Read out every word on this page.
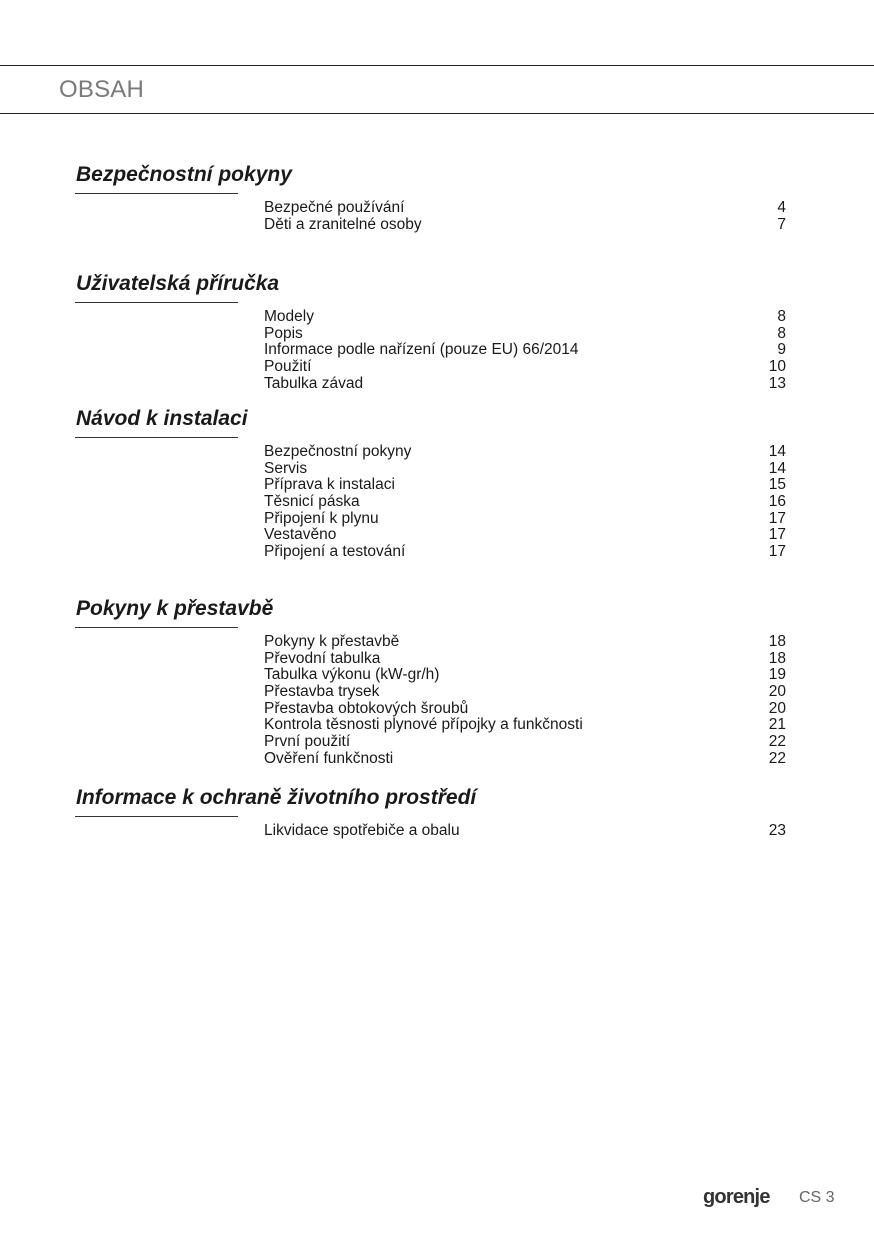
OBSAH
Bezpečnostní pokyny
Bezpečné používání	4
Děti a zranitelné osoby	7
Uživatelská příručka
Modely	8
Popis	8
Informace podle nařízení (pouze EU) 66/2014	9
Použití	10
Tabulka závad	13
Návod k instalaci
Bezpečnostní pokyny	14
Servis	14
Příprava k instalaci	15
Těsnicí páska	16
Připojení k plynu	17
Vestavěno	17
Připojení a testování	17
Pokyny k přestavbě
Pokyny k přestavbě	18
Převodní tabulka	18
Tabulka výkonu (kW-gr/h)	19
Přestavba trysek	20
Přestavba obtokových šroubů	20
Kontrola těsnosti plynové přípojky a funkčnosti	21
První použití	22
Ověření funkčnosti	22
Informace k ochraně životního prostředí
Likvidace spotřebiče a obalu	23
gorenje CS 3
